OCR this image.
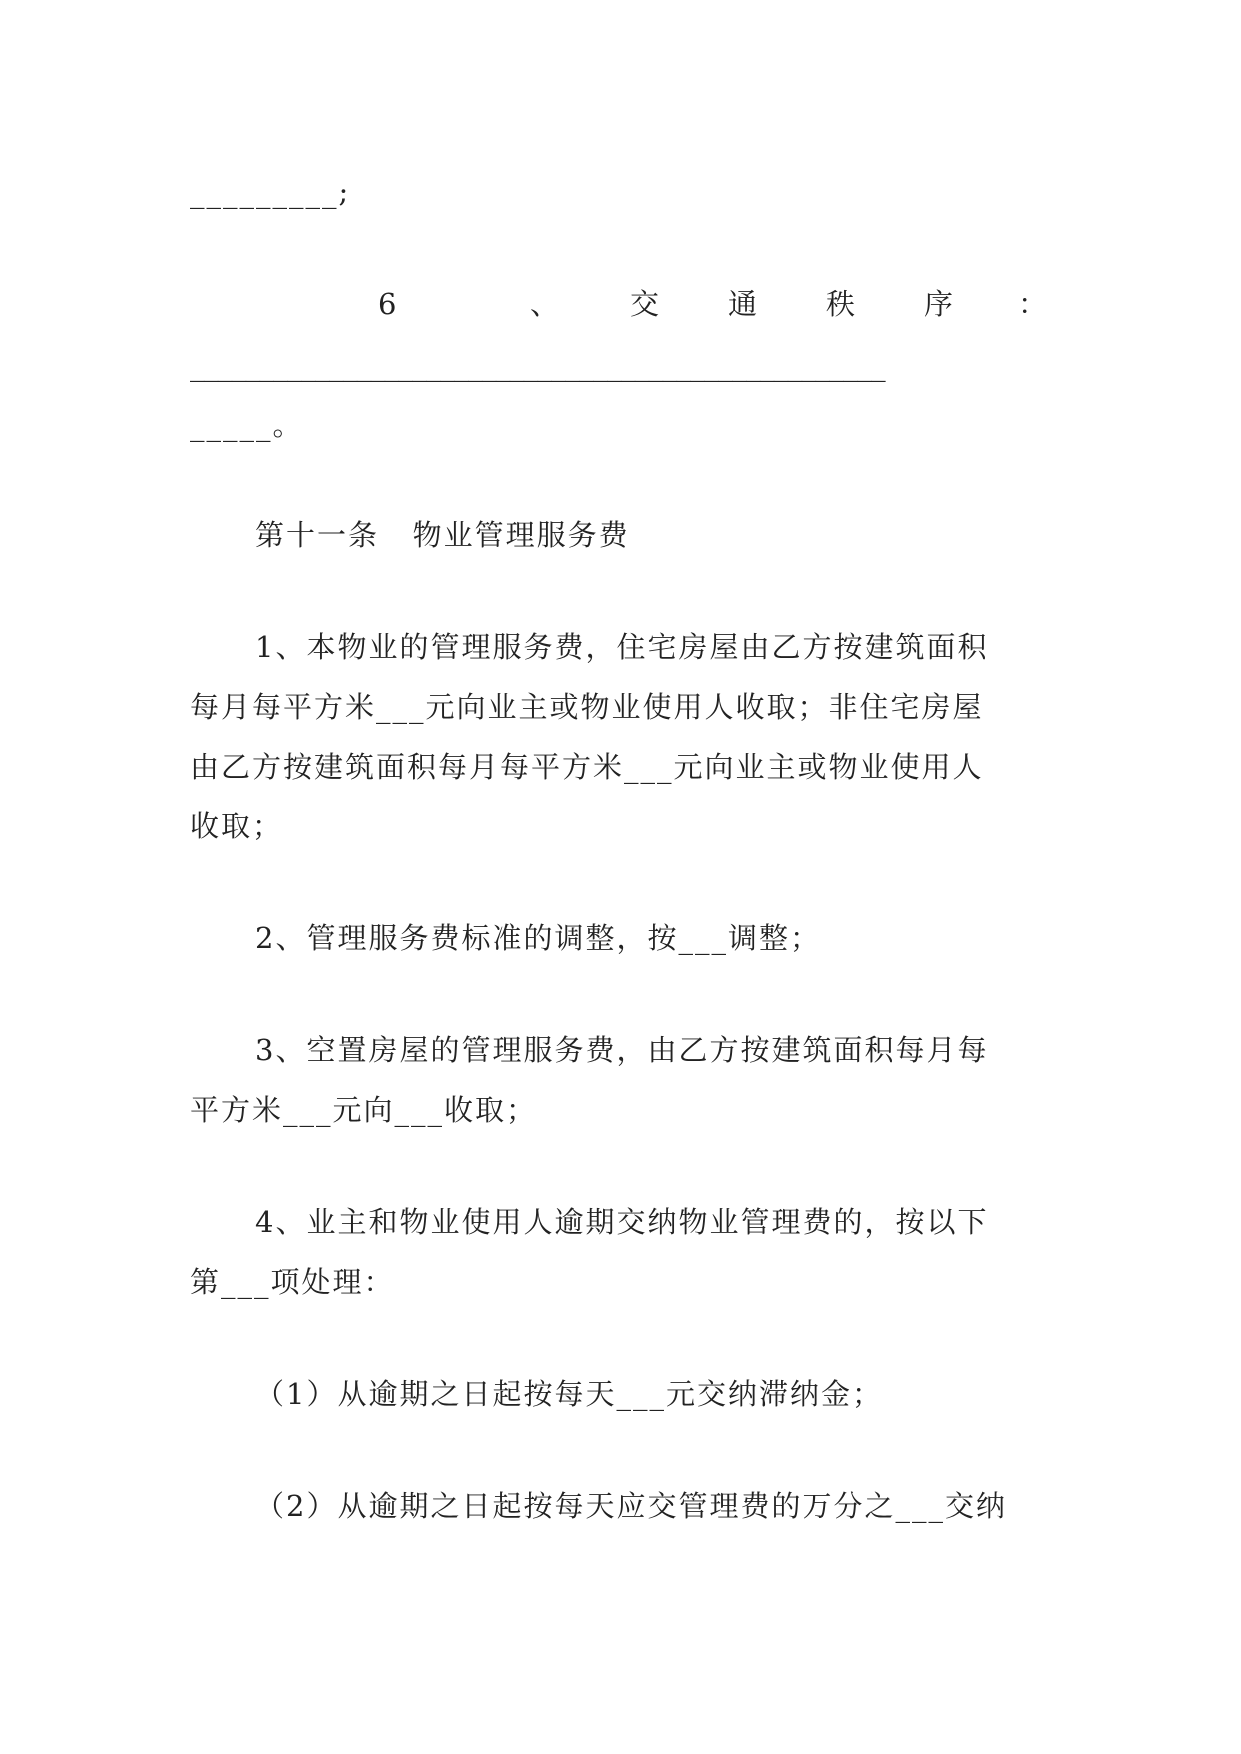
_________;
6	、 交 通 秩 序 ：
__________________________________________________
_____。
第十一条   物业管理服务费
1、本物业的管理服务费，住宅房屋由乙方按建筑面积
每月每平方米___元向业主或物业使用人收取；非住宅房屋
由乙方按建筑面积每月每平方米___元向业主或物业使用人
收取；
2、管理服务费标准的调整，按___调整；
3、空置房屋的管理服务费，由乙方按建筑面积每月每
平方米___元向___收取；
4、业主和物业使用人逾期交纳物业管理费的，按以下
第___项处理：
（1）从逾期之日起按每天___元交纳滞纳金；
（2）从逾期之日起按每天应交管理费的万分之___交纳
